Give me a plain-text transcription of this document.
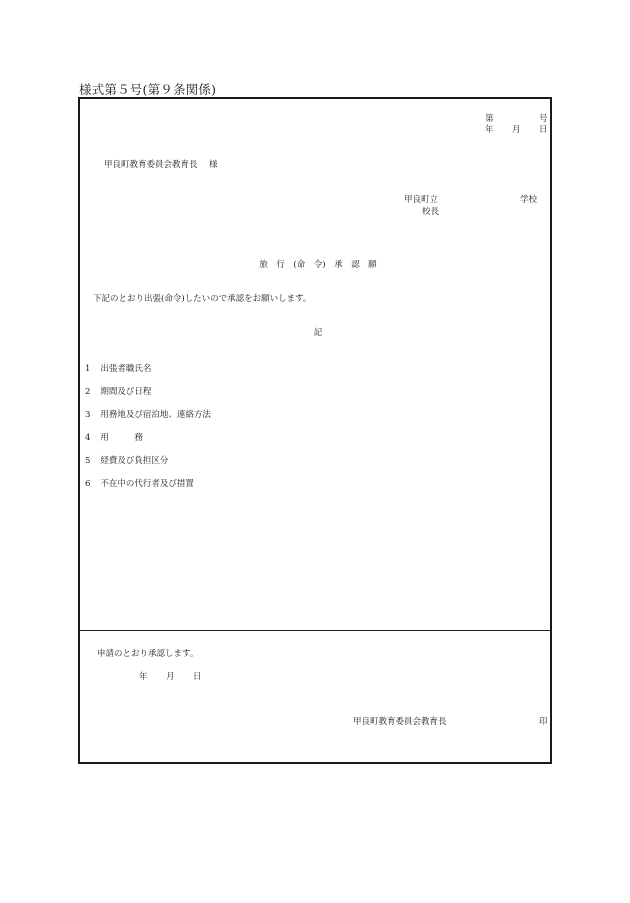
様式第５号(第９条関係)
第	号
年 月 日
甲良町教育委員会教育長 様
甲良町立	学校
校長
旅　行　(命　令)　承　認　願
下記のとおり出張(命令)したいので承認をお願いします。
記
1 出張者職氏名
2 期間及び日程
3 用務地及び宿泊地、連絡方法
4 用　　　務
5 経費及び負担区分
6 不在中の代行者及び措置
申請のとおり承認します。
年 月 日
甲良町教育委員会教育長	印
